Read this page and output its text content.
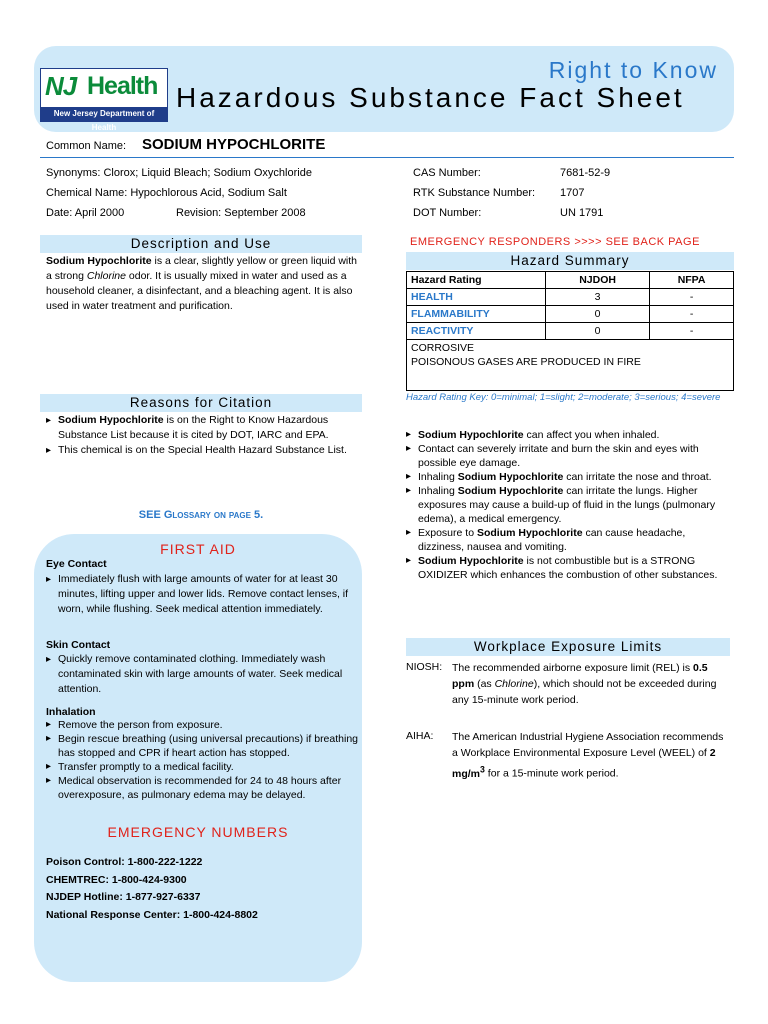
NJ Health
New Jersey Department of Health
Right to Know
Hazardous Substance Fact Sheet
Common Name: SODIUM HYPOCHLORITE
Synonyms: Clorox; Liquid Bleach; Sodium Oxychloride
Chemical Name: Hypochlorous Acid, Sodium Salt
Date: April 2000	Revision: September 2008
CAS Number:	7681-52-9
RTK Substance Number: 1707
DOT Number:	UN 1791
Description and Use
Sodium Hypochlorite is a clear, slightly yellow or green liquid with a strong Chlorine odor. It is usually mixed in water and used as a household cleaner, a disinfectant, and a bleaching agent. It is also used in water treatment and purification.
Reasons for Citation
▸ Sodium Hypochlorite is on the Right to Know Hazardous Substance List because it is cited by DOT, IARC and EPA.
▸ This chemical is on the Special Health Hazard Substance List.
SEE Glossary on page 5.
FIRST AID
Eye Contact
▸ Immediately flush with large amounts of water for at least 30 minutes, lifting upper and lower lids. Remove contact lenses, if worn, while flushing. Seek medical attention immediately.
Skin Contact
▸ Quickly remove contaminated clothing. Immediately wash contaminated skin with large amounts of water. Seek medical attention.
Inhalation
▸ Remove the person from exposure.
▸ Begin rescue breathing (using universal precautions) if breathing has stopped and CPR if heart action has stopped.
▸ Transfer promptly to a medical facility.
▸ Medical observation is recommended for 24 to 48 hours after overexposure, as pulmonary edema may be delayed.
EMERGENCY NUMBERS
Poison Control: 1-800-222-1222
CHEMTREC: 1-800-424-9300
NJDEP Hotline: 1-877-927-6337
National Response Center: 1-800-424-8802
EMERGENCY RESPONDERS >>>> SEE BACK PAGE
Hazard Summary
Hazard Rating	NJDOH	NFPA
HEALTH	3	-
FLAMMABILITY	0	-
REACTIVITY	0	-

CORROSIVE
POISONOUS GASES ARE PRODUCED IN FIRE		
Hazard Rating Key: 0=minimal; 1=slight; 2=moderate; 3=serious; 4=severe
▸ Sodium Hypochlorite can affect you when inhaled.
▸ Contact can severely irritate and burn the skin and eyes with possible eye damage.
▸ Inhaling Sodium Hypochlorite can irritate the nose and throat.
▸ Inhaling Sodium Hypochlorite can irritate the lungs. Higher exposures may cause a build-up of fluid in the lungs (pulmonary edema), a medical emergency.
▸ Exposure to Sodium Hypochlorite can cause headache, dizziness, nausea and vomiting.
▸ Sodium Hypochlorite is not combustible but is a STRONG OXIDIZER which enhances the combustion of other substances.
Workplace Exposure Limits
NIOSH: The recommended airborne exposure limit (REL) is 0.5 ppm (as Chlorine), which should not be exceeded during any 15-minute work period.
AIHA: The American Industrial Hygiene Association recommends a Workplace Environmental Exposure Level (WEEL) of 2 $mg/m^3$ for a 15-minute work period.
